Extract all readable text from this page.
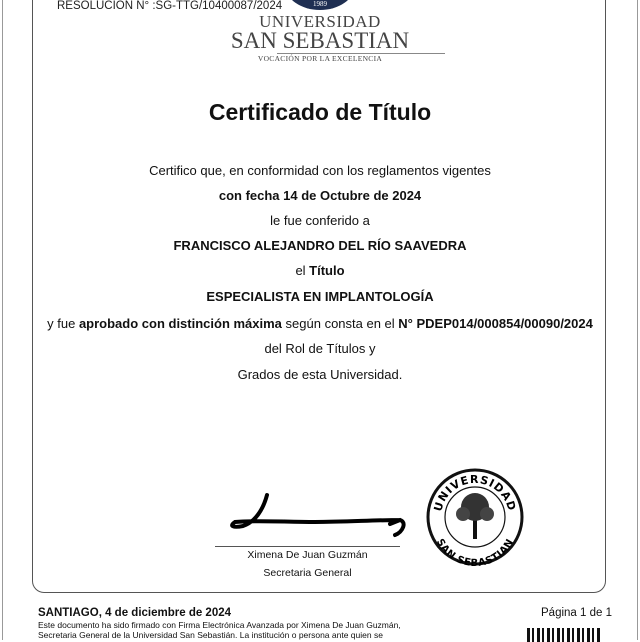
1989
RESOLUCIÓN N° :SG-TTG/10400087/2024
UNIVERSIDAD
SAN SEBASTIAN
VOCACIÓN POR LA EXCELENCIA
Certificado de Título
Certifico que, en conformidad con los reglamentos vigentes
con fecha 14 de Octubre de 2024
le fue conferido a
FRANCISCO ALEJANDRO DEL RÍO SAAVEDRA
el Título
ESPECIALISTA EN IMPLANTOLOGÍA
y fue aprobado con distinción máxima según consta en el N° PDEP014/000854/00090/2024
del Rol de Títulos y
Grados de esta Universidad.
Ximena De Juan Guzmán
Secretaria General
UNIVERSIDAD
SAN SEBASTIAN
SANTIAGO, 4 de diciembre de 2024
Este documento ha sido firmado con Firma Electrónica Avanzada por Ximena De Juan Guzmán, Secretaria General de la Universidad San Sebastián. La institución o persona ante quien se
Página 1 de 1
